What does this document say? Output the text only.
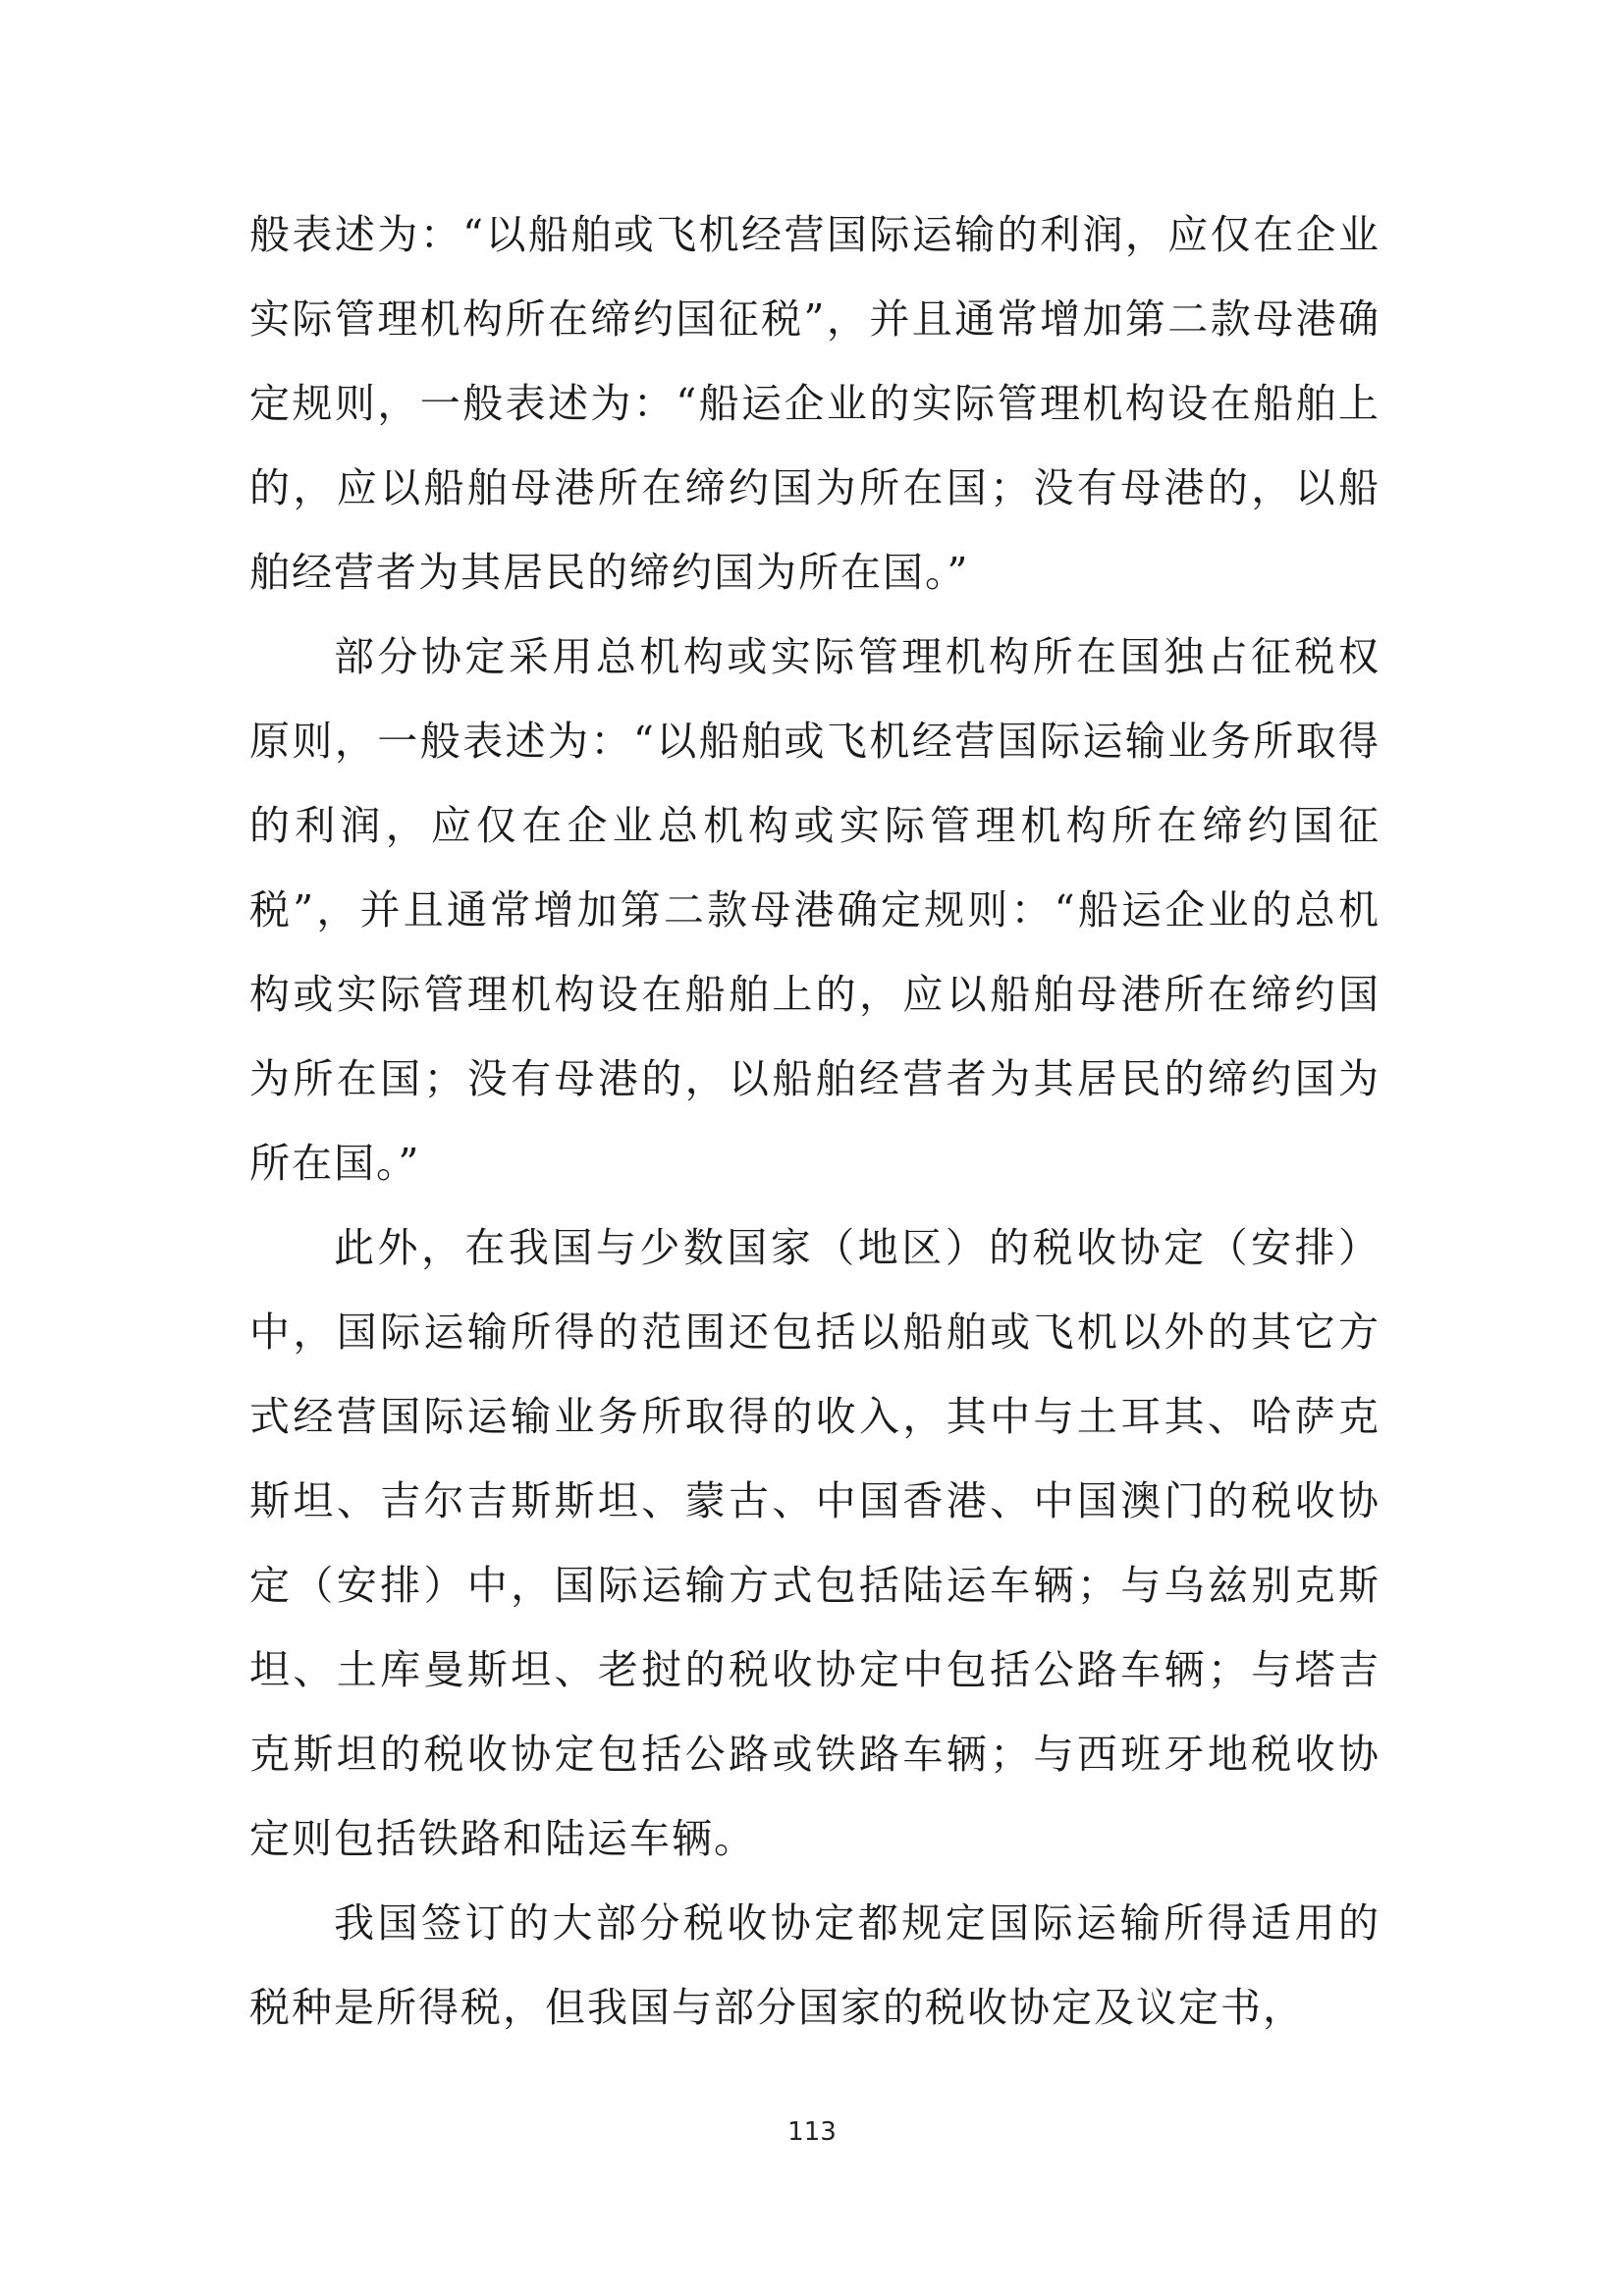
般表述为：“以船舶或飞机经营国际运输的利润，应仅在企业实际管理机构所在缔约国征税”，并且通常增加第二款母港确定规则，一般表述为：“船运企业的实际管理机构设在船舶上的，应以船舶母港所在缔约国为所在国；没有母港的，以船舶经营者为其居民的缔约国为所在国。”

部分协定采用总机构或实际管理机构所在国独占征税权原则，一般表述为：“以船舶或飞机经营国际运输业务所取得的利润，应仅在企业总机构或实际管理机构所在缔约国征税”，并且通常增加第二款母港确定规则：“船运企业的总机构或实际管理机构设在船舶上的，应以船舶母港所在缔约国为所在国；没有母港的，以船舶经营者为其居民的缔约国为所在国。”

此外，在我国与少数国家（地区）的税收协定（安排）中，国际运输所得的范围还包括以船舶或飞机以外的其它方式经营国际运输业务所取得的收入，其中与土耳其、哈萨克斯坦、吉尔吉斯斯坦、蒙古、中国香港、中国澳门的税收协定（安排）中，国际运输方式包括陆运车辆；与乌兹别克斯坦、土库曼斯坦、老挝的税收协定中包括公路车辆；与塔吉克斯坦的税收协定包括公路或铁路车辆；与西班牙地税收协定则包括铁路和陆运车辆。

我国签订的大部分税收协定都规定国际运输所得适用的税种是所得税，但我国与部分国家的税收协定及议定书，

113
